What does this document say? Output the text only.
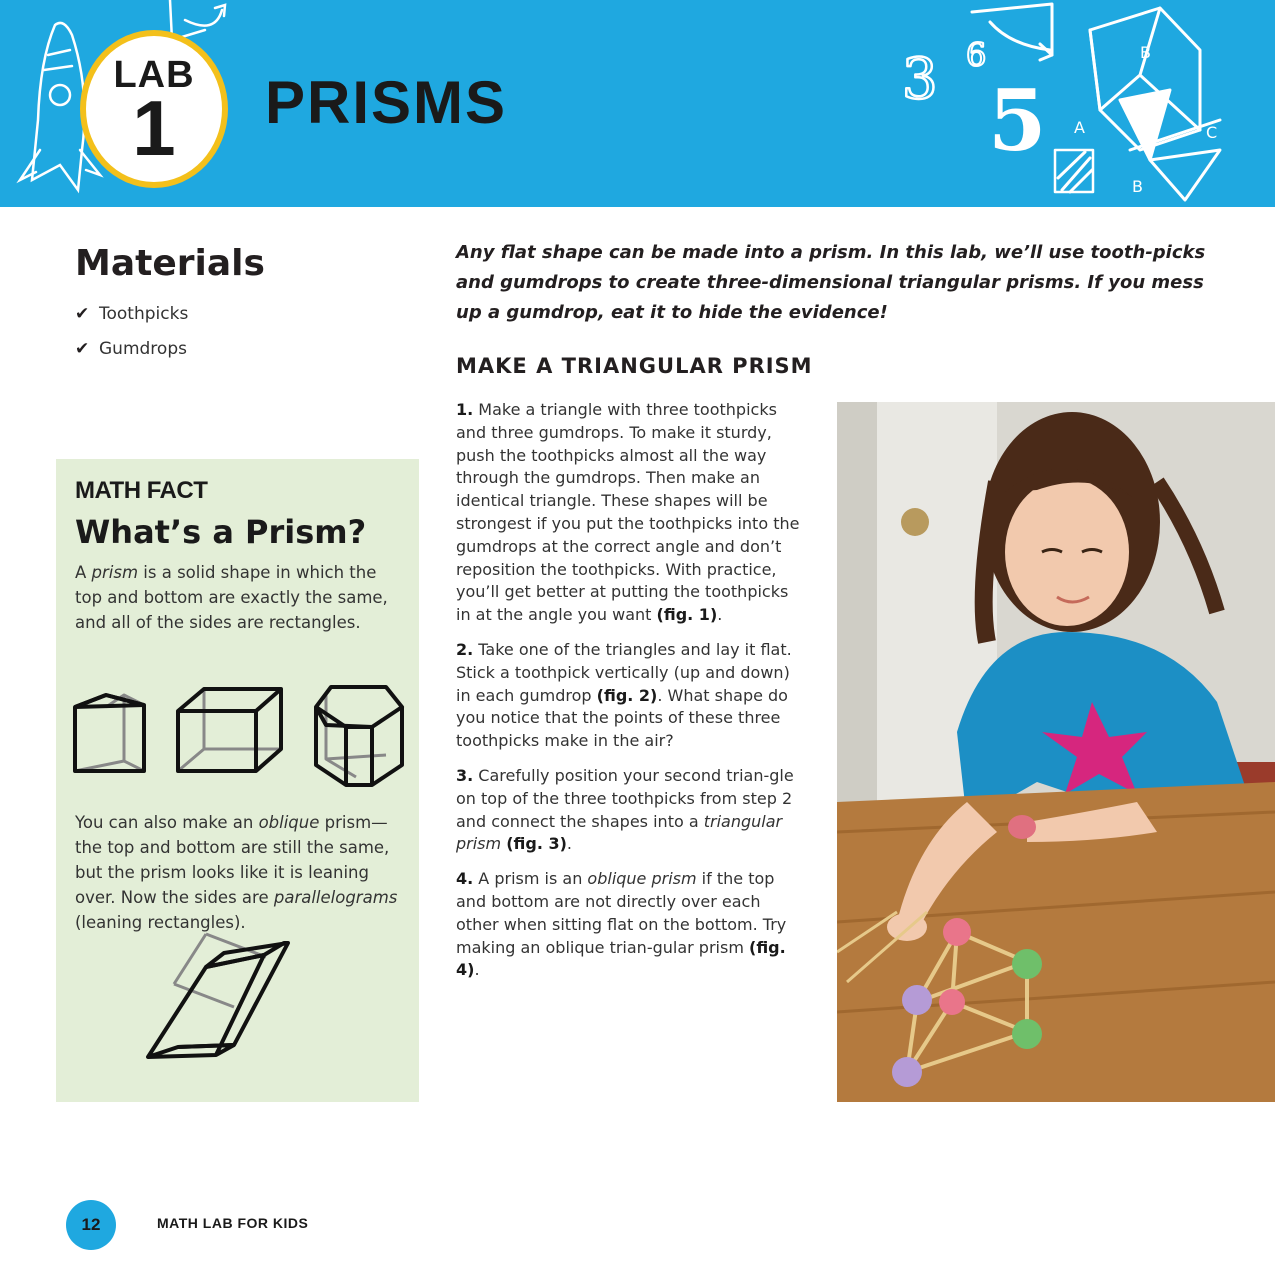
3 6
5
B
A	C
B
LAB
1	PRISMS
Materials
✔ Toothpicks
✔ Gumdrops
MATH FACT
What’s a Prism?

A prism is a solid shape in which the top and bottom are exactly the same, and all of the sides are rectangles.

You can also make an oblique prism—the top and bottom are still the same, but the prism looks like it is leaning over. Now the sides are parallelograms (leaning rectangles).

Any flat shape can be made into a prism. In this lab, we’ll use tooth-picks and gumdrops to create three-dimensional triangular prisms. If you mess up a gumdrop, eat it to hide the evidence!

MAKE A TRIANGULAR PRISM

1. Make a triangle with three toothpicks and three gumdrops. To make it sturdy, push the toothpicks almost all the way through the gumdrops. Then make an identical triangle. These shapes will be strongest if you put the toothpicks into the gumdrops at the correct angle and don’t reposition the toothpicks. With practice, you’ll get better at putting the toothpicks in at the angle you want (fig. 1).

2. Take one of the triangles and lay it flat. Stick a toothpick vertically (up and down) in each gumdrop (fig. 2). What shape do you notice that the points of these three toothpicks make in the air?

3. Carefully position your second trian-gle on top of the three toothpicks from step 2 and connect the shapes into a triangular prism (fig. 3).

4. A prism is an oblique prism if the top and bottom are not directly over each other when sitting flat on the bottom. Try making an oblique trian-gular prism (fig. 4).

12	MATH LAB FOR KIDS
